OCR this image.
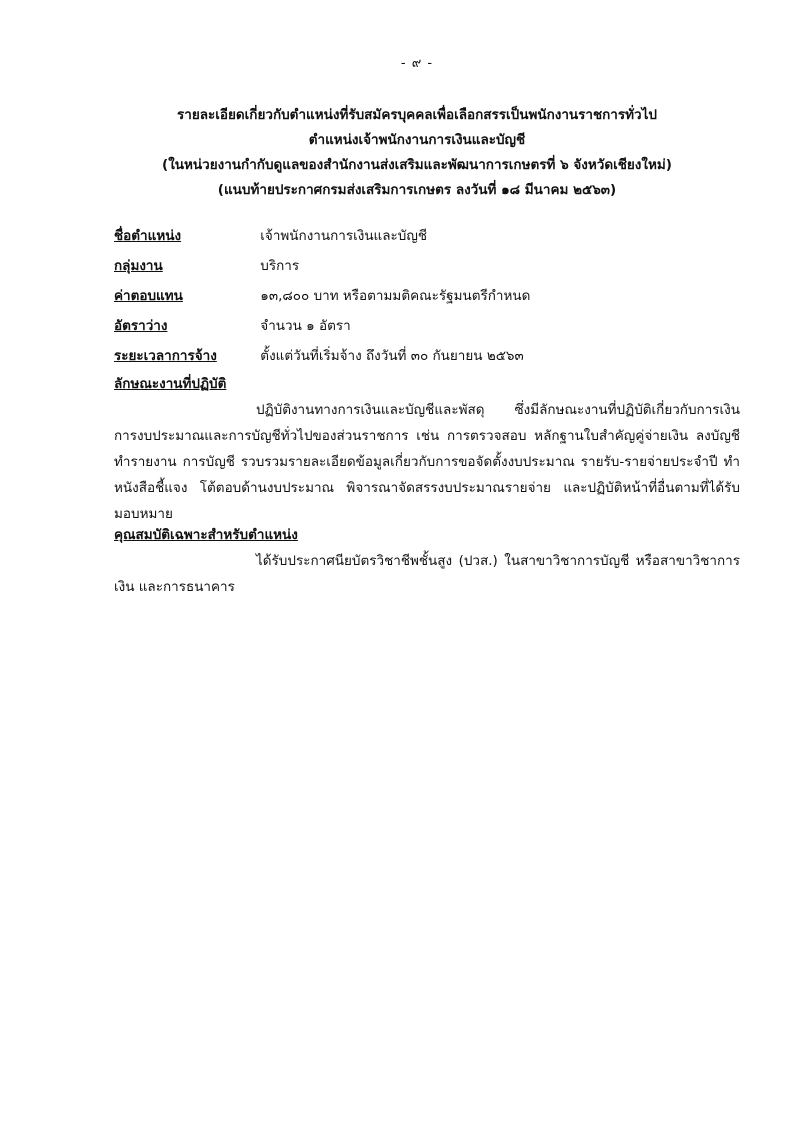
- ๙ -
รายละเอียดเกี่ยวกับตำแหน่งที่รับสมัครบุคคลเพื่อเลือกสรรเป็นพนักงานราชการทั่วไป
ตำแหน่งเจ้าพนักงานการเงินและบัญชี
(ในหน่วยงานกำกับดูแลของสำนักงานส่งเสริมและพัฒนาการเกษตรที่ ๖ จังหวัดเชียงใหม่)
(แนบท้ายประกาศกรมส่งเสริมการเกษตร ลงวันที่ ๑๘ มีนาคม ๒๕๖๓)
ชื่อตำแหน่ง	เจ้าพนักงานการเงินและบัญชี
กลุ่มงาน	บริการ
ค่าตอบแทน	๑๓,๘๐๐ บาท หรือตามมติคณะรัฐมนตรีกำหนด
อัตราว่าง	จำนวน ๑ อัตรา
ระยะเวลาการจ้าง	ตั้งแต่วันที่เริ่มจ้าง ถึงวันที่ ๓๐ กันยายน ๒๕๖๓
ลักษณะงานที่ปฏิบัติ
ปฏิบัติงานทางการเงินและบัญชีและพัสดุ ซึ่งมีลักษณะงานที่ปฏิบัติเกี่ยวกับการเงิน การงบประมาณและการบัญชีทั่วไปของส่วนราชการ เช่น การตรวจสอบ หลักฐานใบสำคัญคู่จ่ายเงิน ลงบัญชี ทำรายงาน การบัญชี รวบรวมรายละเอียดข้อมูลเกี่ยวกับการขอจัดตั้งงบประมาณ รายรับ-รายจ่ายประจำปี ทำหนังสือชี้แจง โต้ตอบด้านงบประมาณ พิจารณาจัดสรรงบประมาณรายจ่าย และปฏิบัติหน้าที่อื่นตามที่ได้รับมอบหมาย
คุณสมบัติเฉพาะสำหรับตำแหน่ง
ได้รับประกาศนียบัตรวิชาชีพชั้นสูง (ปวส.) ในสาขาวิชาการบัญชี หรือสาขาวิชาการเงิน และการธนาคาร
